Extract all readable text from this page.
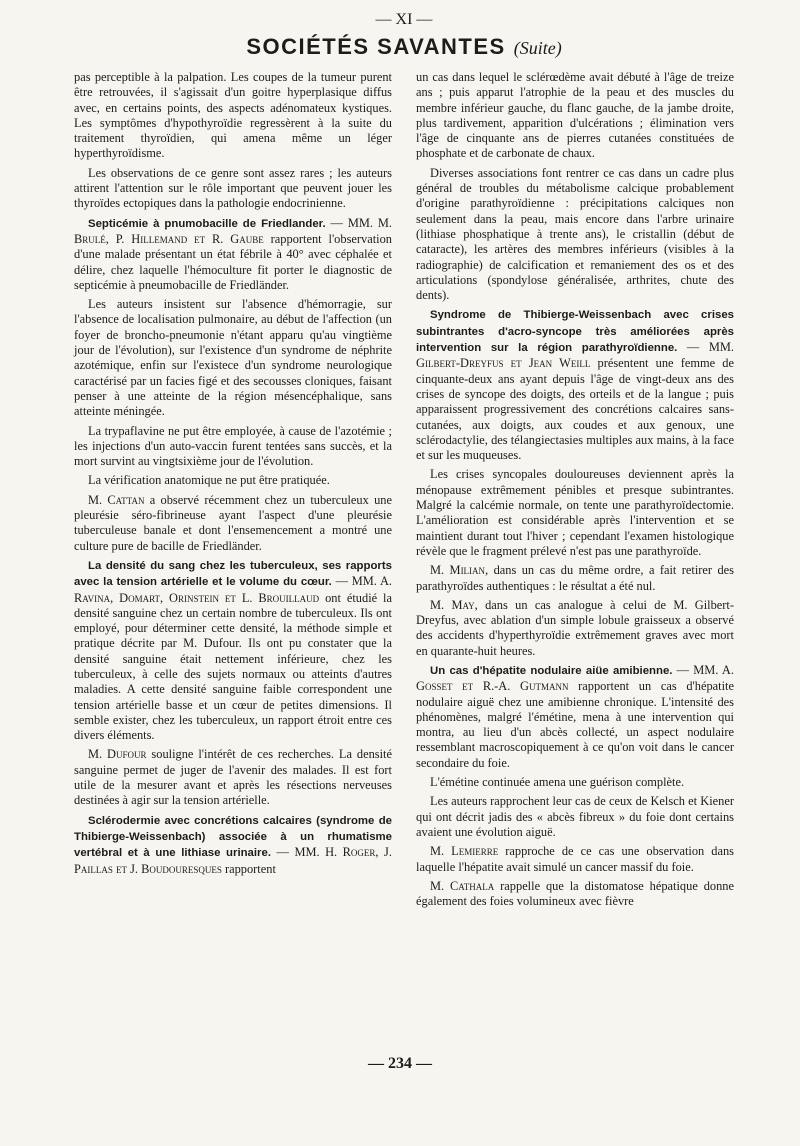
— XI —
SOCIÉTÉS SAVANTES (Suite)

pas perceptible à la palpation. Les coupes de la tumeur purent être retrouvées, il s'agissait d'un goitre hyperplasique diffus avec, en certains points, des aspects adénomateux kystiques. Les symptômes d'hypothyroïdie regressèrent à la suite du traitement thyroïdien, qui amena même un léger hyperthyroïdisme.

Les observations de ce genre sont assez rares ; les auteurs attirent l'attention sur le rôle important que peuvent jouer les thyroïdes ectopiques dans la pathologie endocrinienne.

Septicémie à pnumobacille de Friedlander. — MM. M. Brulé, P. Hillemand et R. Gaube rapportent l'observation d'une malade présentant un état fébrile à 40° avec céphalée et délire, chez laquelle l'hémoculture fit porter le diagnostic de septicémie à pneumobacille de Friedländer.

Les auteurs insistent sur l'absence d'hémorragie, sur l'absence de localisation pulmonaire, au début de l'affection (un foyer de broncho-pneumonie n'étant apparu qu'au vingtième jour de l'évolution), sur l'existence d'un syndrome de néphrite azotémique, enfin sur l'existece d'un syndrome neurologique caractérisé par un facies figé et des secousses cloniques, faisant penser à une atteinte de la région mésencéphalique, sans atteinte méningée.

La trypaflavine ne put être employée, à cause de l'azotémie ; les injections d'un auto-vaccin furent tentées sans succès, et la mort survint au vingtsixième jour de l'évolution.

La vérification anatomique ne put être pratiquée.

M. Cattan a observé récemment chez un tuberculeux une pleurésie séro-fibrineuse ayant l'aspect d'une pleurésie tuberculeuse banale et dont l'ensemencement a montré une culture pure de bacille de Friedländer.

La densité du sang chez les tuberculeux, ses rapports avec la tension artérielle et le volume du cœur. — MM. A. Ravina, Domart, Orinstein et L. Brouillaud ont étudié la densité sanguine chez un certain nombre de tuberculeux. Ils ont employé, pour déterminer cette densité, la méthode simple et pratique décrite par M. Dufour. Ils ont pu constater que la densité sanguine était nettement inférieure, chez les tuberculeux, à celle des sujets normaux ou atteints d'autres maladies. A cette densité sanguine faible correspondent une tension artérielle basse et un cœur de petites dimensions. Il semble exister, chez les tuberculeux, un rapport étroit entre ces divers éléments.

M. Dufour souligne l'intérêt de ces recherches. La densité sanguine permet de juger de l'avenir des malades. Il est fort utile de la mesurer avant et après les résections nerveuses destinées à agir sur la tension artérielle.

Sclérodermie avec concrétions calcaires (syndrome de Thibierge-Weissenbach) associée à un rhumatisme vertébral et à une lithiase urinaire. — MM. H. Roger, J. Paillas et J. Boudouresques rapportent

un cas dans lequel le sclérœdème avait débuté à l'âge de treize ans ; puis apparut l'atrophie de la peau et des muscles du membre inférieur gauche, du flanc gauche, de la jambe droite, plus tardivement, apparition d'ulcérations ; élimination vers l'âge de cinquante ans de pierres cutanées constituées de phosphate et de carbonate de chaux.

Diverses associations font rentrer ce cas dans un cadre plus général de troubles du métabolisme calcique probablement d'origine parathyroïdienne : précipitations calciques non seulement dans la peau, mais encore dans l'arbre urinaire (lithiase phosphatique à trente ans), le cristallin (début de cataracte), les artères des membres inférieurs (visibles à la radiographie) de calcification et remaniement des os et des articulations (spondylose généralisée, arthrites, chute des dents).

Syndrome de Thibierge-Weissenbach avec crises subintrantes d'acro-syncope très améliorées après intervention sur la région parathyroïdienne. — MM. Gilbert-Dreyfus et Jean Weill présentent une femme de cinquante-deux ans ayant depuis l'âge de vingt-deux ans des crises de syncope des doigts, des orteils et de la langue ; puis apparaissent progressivement des concrétions calcaires sans-cutanées, aux doigts, aux coudes et aux genoux, une sclérodactylie, des télangiectasies multiples aux mains, à la face et sur les muqueuses.

Les crises syncopales douloureuses deviennent après la ménopause extrêmement pénibles et presque subintrantes. Malgré la calcémie normale, on tente une parathyroïdectomie. L'amélioration est considérable après l'intervention et se maintient durant tout l'hiver ; cependant l'examen histologique révèle que le fragment prélevé n'est pas une parathyroïde.

M. Milian, dans un cas du même ordre, a fait retirer des parathyroïdes authentiques : le résultat a été nul.

M. May, dans un cas analogue à celui de M. Gilbert-Dreyfus, avec ablation d'un simple lobule graisseux a observé des accidents d'hyperthyroïdie extrêmement graves avec mort en quarante-huit heures.

Un cas d'hépatite nodulaire aiüe amibienne. — MM. A. Gosset et R.-A. Gutmann rapportent un cas d'hépatite nodulaire aiguë chez une amibienne chronique. L'intensité des phénomènes, malgré l'émétine, mena à une intervention qui montra, au lieu d'un abcès collecté, un aspect nodulaire ressemblant macroscopiquement à ce qu'on voit dans le cancer secondaire du foie.

L'émétine continuée amena une guérison complète.

Les auteurs rapprochent leur cas de ceux de Kelsch et Kiener qui ont décrit jadis des « abcès fibreux » du foie dont certains avaient une évolution aiguë.

M. Lemierre rapproche de ce cas une observation dans laquelle l'hépatite avait simulé un cancer massif du foie.

M. Cathala rappelle que la distomatose hépatique donne également des foies volumineux avec fièvre

— 234 —
